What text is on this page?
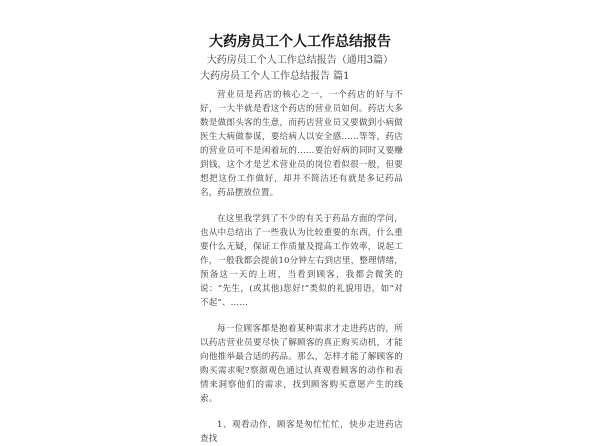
大药房员工个人工作总结报告
大药房员工个人工作总结报告（通用3篇）
大药房员工个人工作总结报告 篇1

营业员是药店的核心之一，一个药店的好与不好，一大半就是看这个药店的营业员如何。药店大多数是做郎头客的生意，而药店营业员又要做到小病做医生大病做参谋，要给病人以安全感……等等，药店的营业员可不是闲着玩的……要治好病的同时又要赚到钱，这个才是艺术营业员的岗位看似很一般，但要想把这份工作做好，却并不简洁还有就是多记药品名，药品摆放位置。

在这里我学到了不少的有关于药品方面的学问，也从中总结出了一些我认为比较重要的东西，什么重要什么无疑，保证工作质量及提高工作效率，说起工作，一般我都会提前10分钟左右到店里，整理情绪，预备这一天的上班，当看到顾客，我都会微笑的说：“先生，(或其他)您好!”类似的礼貌用语，如“对不起”、……

每一位顾客都是抱着某种需求才走进药店的，所以药店营业员要尽快了解顾客的真正购买动机，才能向他推举最合适的药品。那么，怎样才能了解顾客的购买需求呢?察颜观色通过认真观看顾客的动作和表情来洞察他们的需求，找到顾客购买意愿产生的线索。

1、观看动作，顾客是匆忙忙忙，快步走进药店查找
